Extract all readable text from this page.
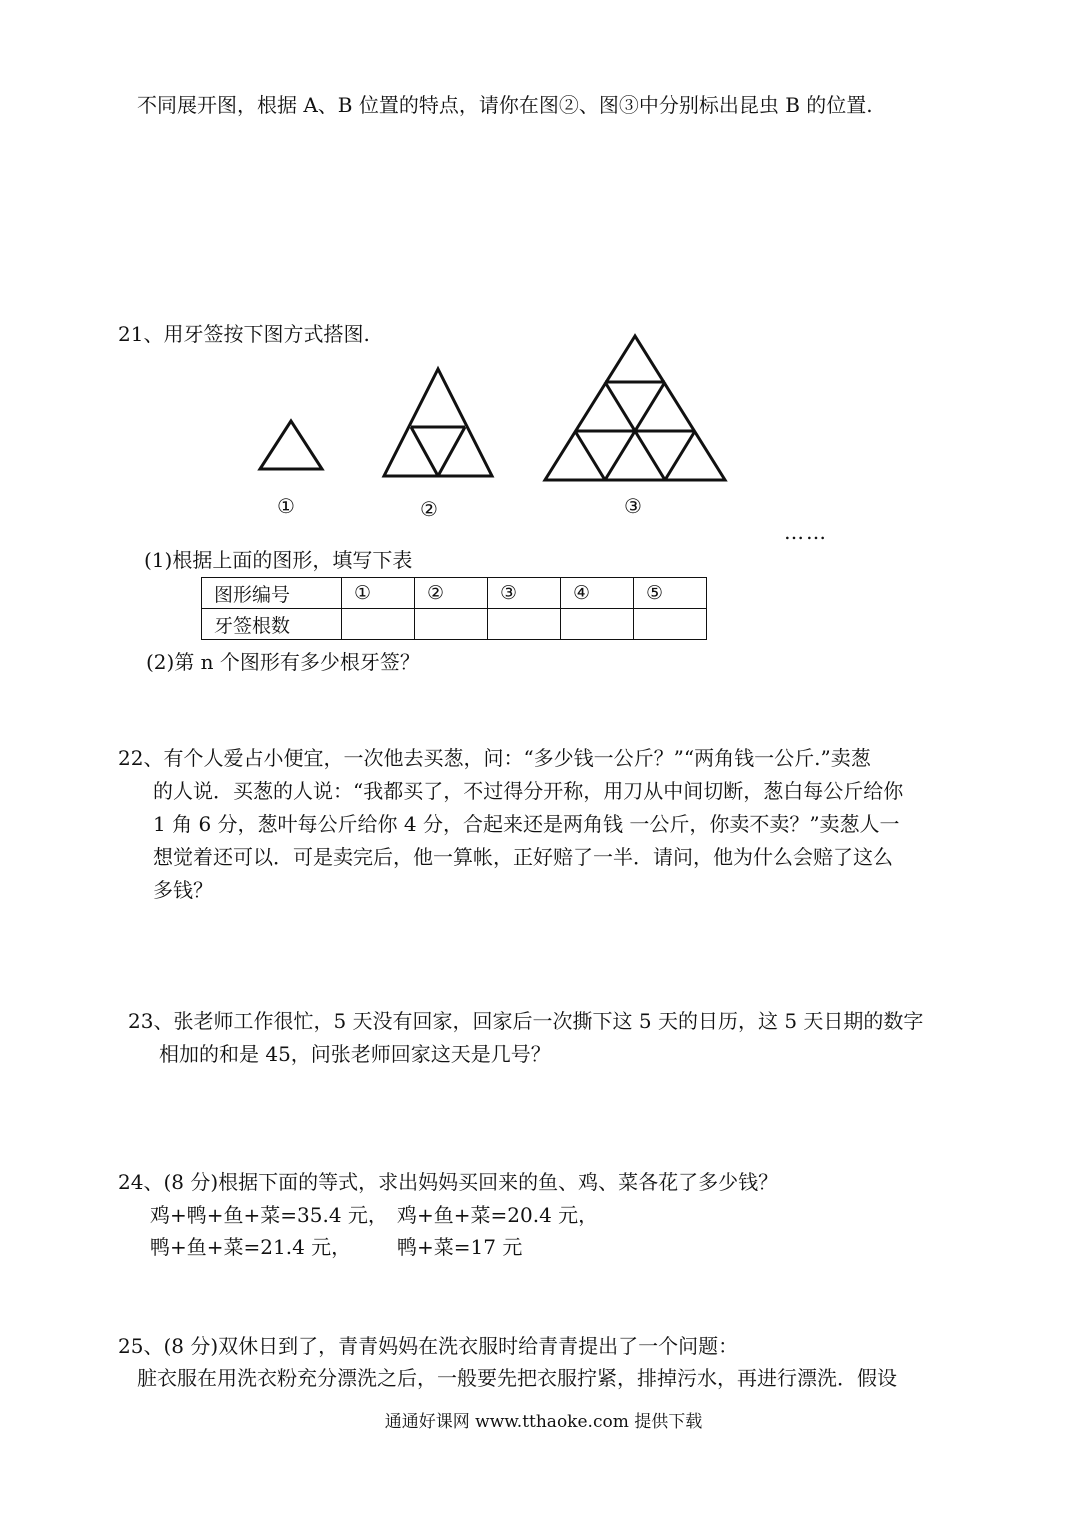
不同展开图，根据 A、B 位置的特点，请你在图②、图③中分别标出昆虫 B 的位置.
21、用牙签按下图方式搭图.
①	②	③
……
(1)根据上面的图形，填写下表
图形编号	①	②	③	④	⑤
牙签根数					
(2)第 n 个图形有多少根牙签？
22、有个人爱占小便宜，一次他去买葱，问：“多少钱一公斤？”“两角钱一公斤.”卖葱
的人说．买葱的人说：“我都买了，不过得分开称，用刀从中间切断，葱白每公斤给你
1 角 6 分，葱叶每公斤给你 4 分，合起来还是两角钱 一公斤，你卖不卖？”卖葱人一
想觉着还可以．可是卖完后，他一算帐，正好赔了一半．请问，他为什么会赔了这么
多钱？
23、张老师工作很忙，5 天没有回家，回家后一次撕下这 5 天的日历，这 5 天日期的数字
相加的和是 45，问张老师回家这天是几号？
24、(8 分)根据下面的等式，求出妈妈买回来的鱼、鸡、菜各花了多少钱？
鸡+鸭+鱼+菜=35.4 元， 鸡+鱼+菜=20.4 元，
鸭+鱼+菜=21.4 元， 鸭+菜=17 元
25、(8 分)双休日到了，青青妈妈在洗衣服时给青青提出了一个问题：
脏衣服在用洗衣粉充分漂洗之后，一般要先把衣服拧紧，排掉污水，再进行漂洗．假设
通通好课网 www.tthaoke.com 提供下载
